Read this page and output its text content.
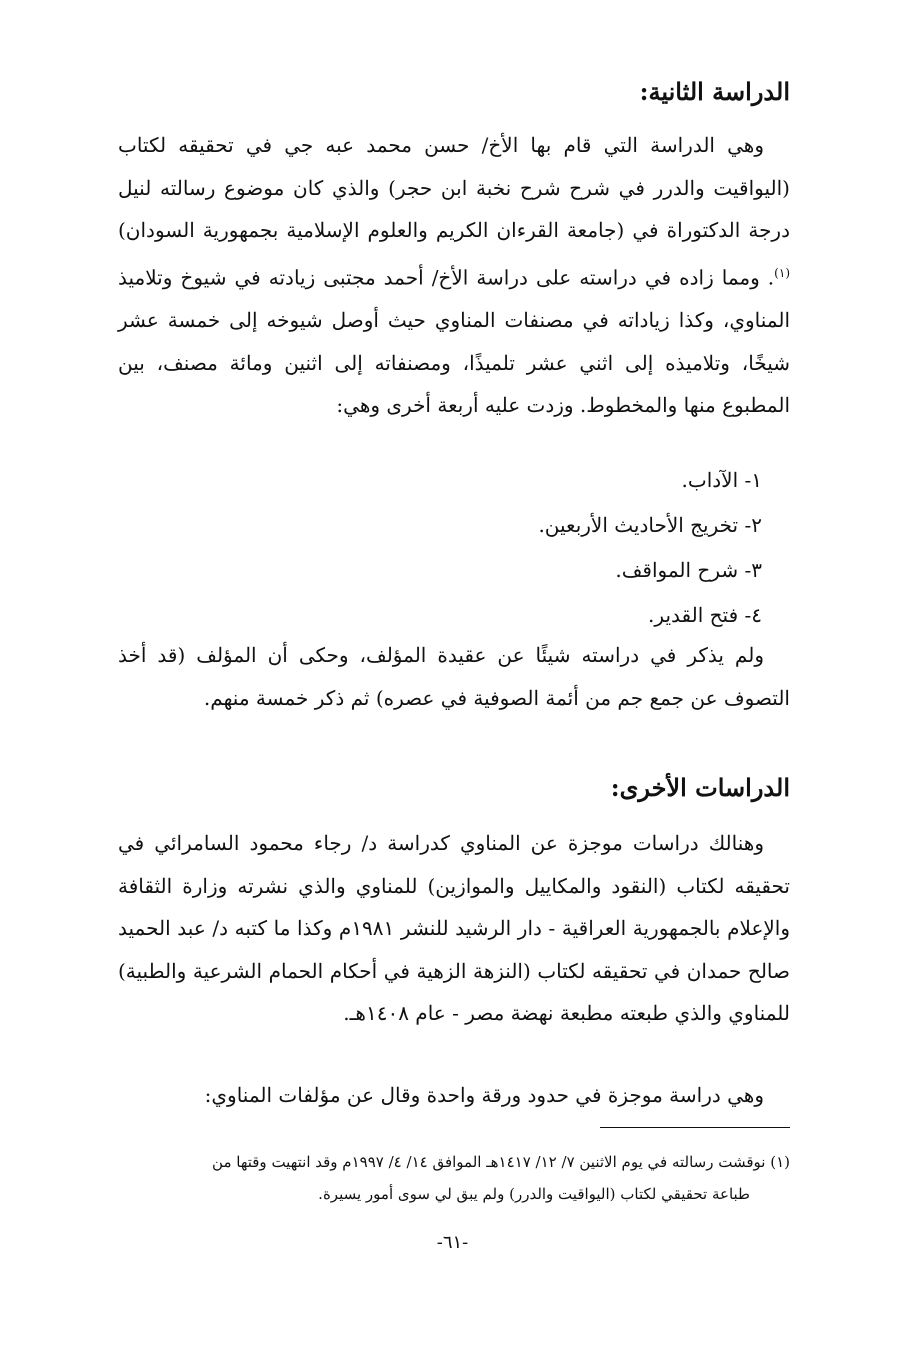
الدراسة الثانية:

وهي الدراسة التي قام بها الأخ/ حسن محمد عبه جي في تحقيقه لكتاب (اليواقيت والدرر في شرح شرح نخبة ابن حجر) والذي كان موضوع رسالته لنيل درجة الدكتوراة في (جامعة القرءان الكريم والعلوم الإسلامية بجمهورية السودان)$^{(١)}$. ومما زاده في دراسته على دراسة الأخ/ أحمد مجتبى زيادته في شيوخ وتلاميذ المناوي، وكذا زياداته في مصنفات المناوي حيث أوصل شيوخه إلى خمسة عشر شيخًا، وتلاميذه إلى اثني عشر تلميذًا، ومصنفاته إلى اثنين ومائة مصنف، بين المطبوع منها والمخطوط. وزدت عليه أربعة أخرى وهي:

١- الآداب.
٢- تخريج الأحاديث الأربعين.
٣- شرح المواقف.
٤- فتح القدير.

ولم يذكر في دراسته شيئًا عن عقيدة المؤلف، وحكى أن المؤلف (قد أخذ التصوف عن جمع جم من أئمة الصوفية في عصره) ثم ذكر خمسة منهم.

الدراسات الأخرى:

وهنالك دراسات موجزة عن المناوي كدراسة د/ رجاء محمود السامرائي في تحقيقه لكتاب (النقود والمكاييل والموازين) للمناوي والذي نشرته وزارة الثقافة والإعلام بالجمهورية العراقية - دار الرشيد للنشر ١٩٨١م وكذا ما كتبه د/ عبد الحميد صالح حمدان في تحقيقه لكتاب (النزهة الزهية في أحكام الحمام الشرعية والطبية) للمناوي والذي طبعته مطبعة نهضة مصر - عام ١٤٠٨هـ.

وهي دراسة موجزة في حدود ورقة واحدة وقال عن مؤلفات المناوي:

(١) نوقشت رسالته في يوم الاثنين ٧/ ١٢/ ١٤١٧هـ الموافق ١٤/ ٤/ ١٩٩٧م وقد انتهيت وقتها من
طباعة تحقيقي لكتاب (اليواقيت والدرر) ولم يبق لي سوى أمور يسيرة.
-٦١-
